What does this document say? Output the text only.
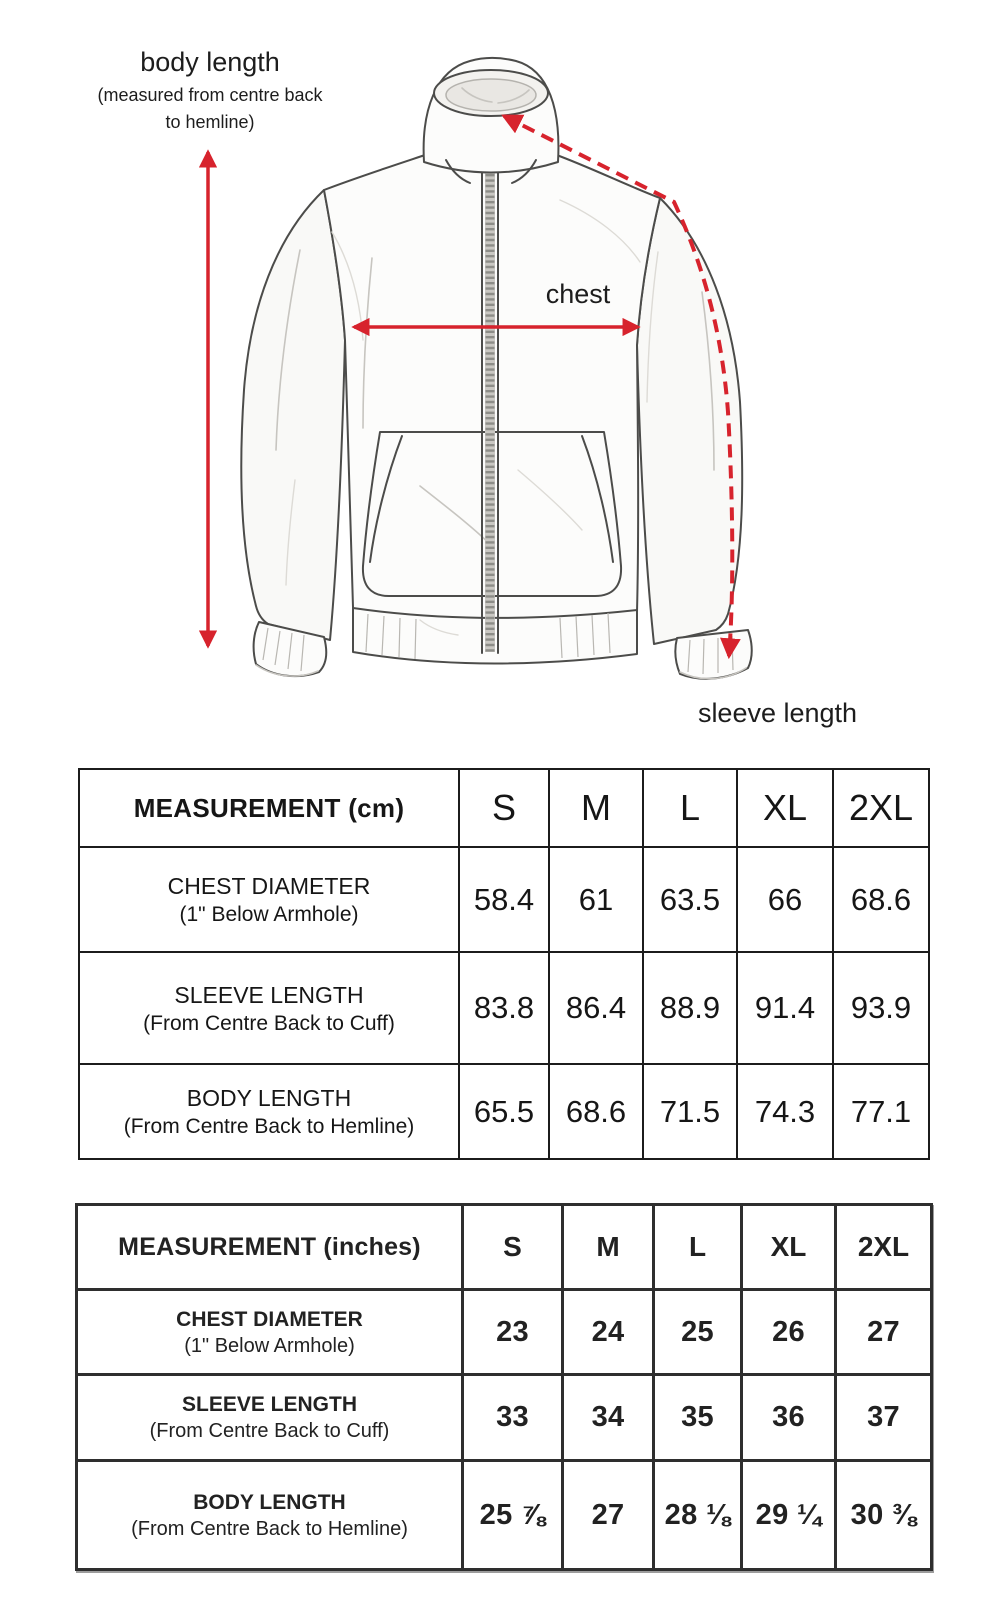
body length
(measured from centre back
to hemline)
chest
sleeve length
MEASUREMENT (cm)	S	M	L	XL	2XL

CHEST DIAMETER
(1" Below Armhole)	58.4	61	63.5	66	68.6

SLEEVE LENGTH
(From Centre Back to Cuff)	83.8	86.4	88.9	91.4	93.9

BODY LENGTH
(From Centre Back to Hemline)	65.5	68.6	71.5	74.3	77.1
MEASUREMENT (inches)	S	M	L	XL	2XL

CHEST DIAMETER
(1" Below Armhole)	23	24	25	26	27

SLEEVE LENGTH
(From Centre Back to Cuff)	33	34	35	36	37

BODY LENGTH
(From Centre Back to Hemline)	25 ⅞	27	28 ⅛	29 ¼	30 ⅜
